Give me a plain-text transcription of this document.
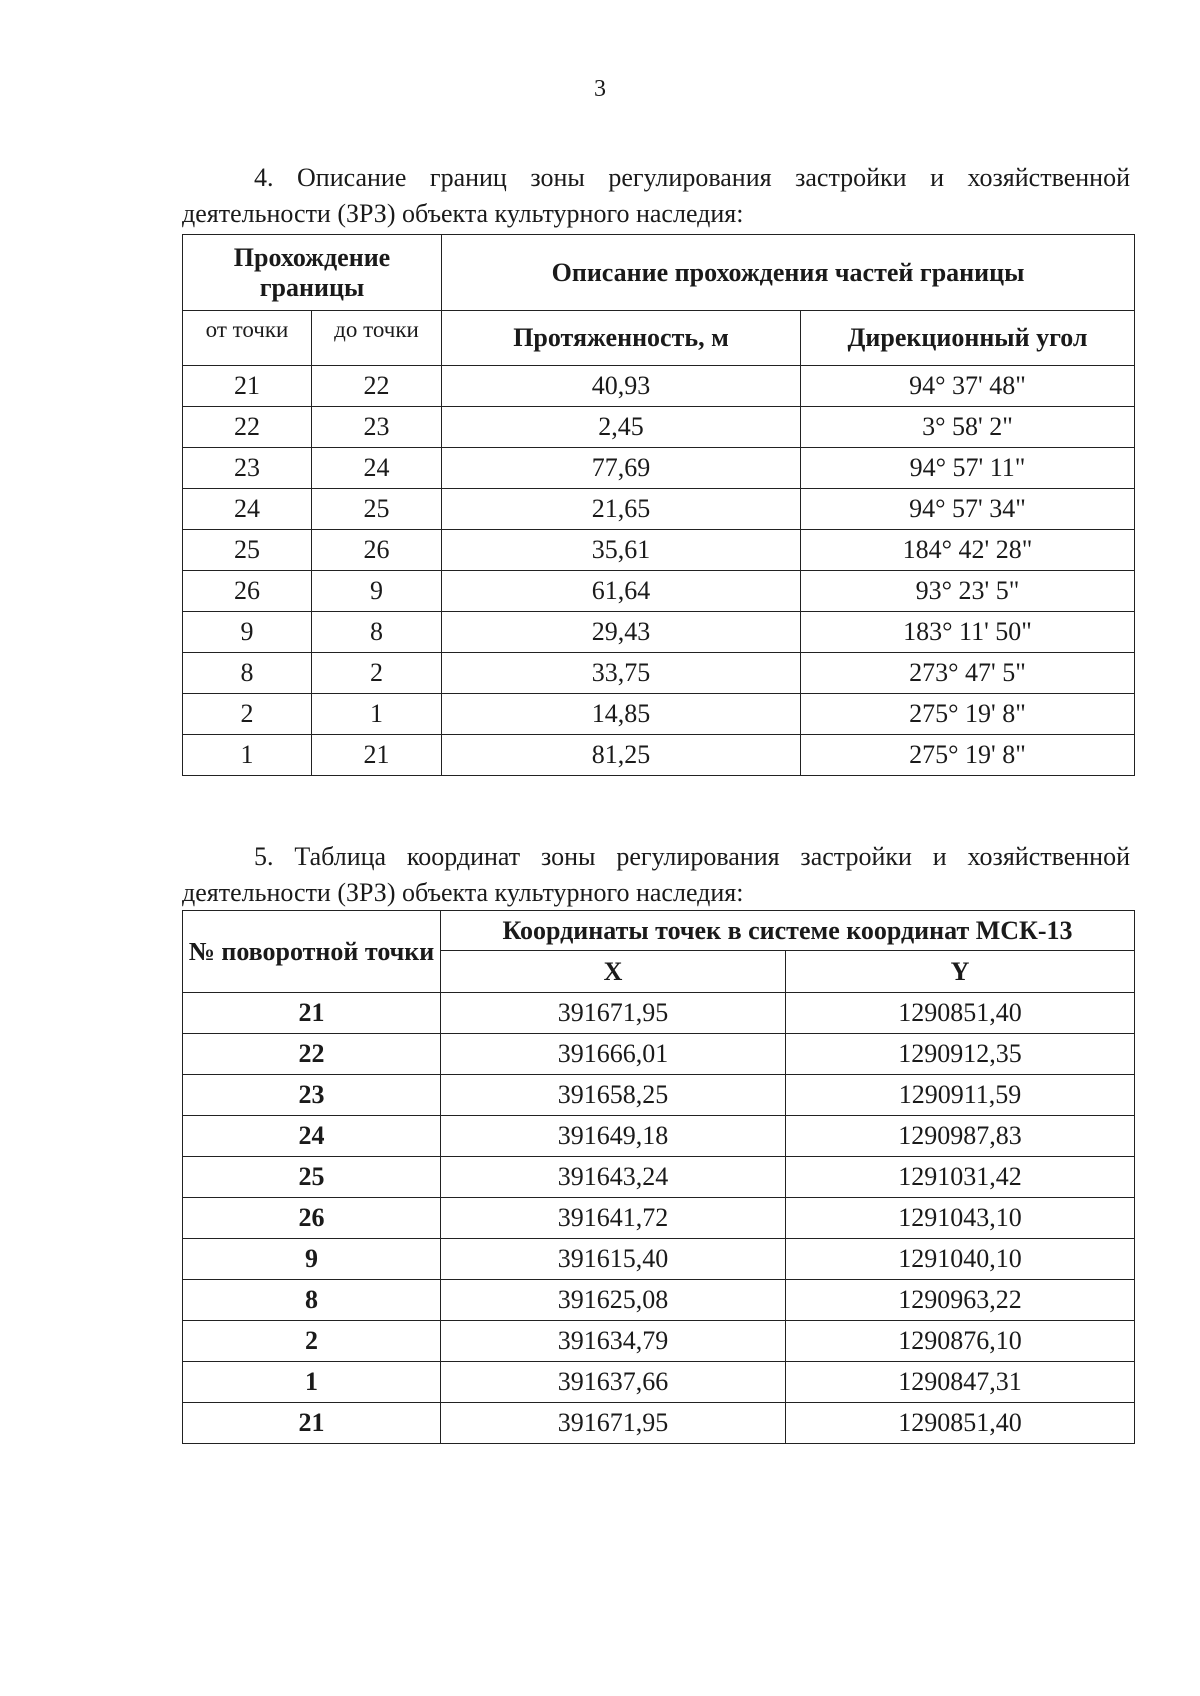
3

4. Описание границ зоны регулирования застройки и хозяйственной деятельности (ЗРЗ) объекта культурного наследия:

Прохождение границы		Описание прохождения частей границы	
от точки	до точки	Протяженность, м	Дирекционный угол
21	22	40,93	94° 37' 48"
22	23	2,45	3° 58' 2"
23	24	77,69	94° 57' 11"
24	25	21,65	94° 57' 34"
25	26	35,61	184° 42' 28"
26	9	61,64	93° 23' 5"
9	8	29,43	183° 11' 50"
8	2	33,75	273° 47' 5"
2	1	14,85	275° 19' 8"
1	21	81,25	275° 19' 8"

5. Таблица координат зоны регулирования застройки и хозяйственной деятельности (ЗРЗ) объекта культурного наследия:

№ поворотной точки	Координаты точек в системе координат МСК-13	
	X	Y
21	391671,95	1290851,40
22	391666,01	1290912,35
23	391658,25	1290911,59
24	391649,18	1290987,83
25	391643,24	1291031,42
26	391641,72	1291043,10
9	391615,40	1291040,10
8	391625,08	1290963,22
2	391634,79	1290876,10
1	391637,66	1290847,31
21	391671,95	1290851,40
